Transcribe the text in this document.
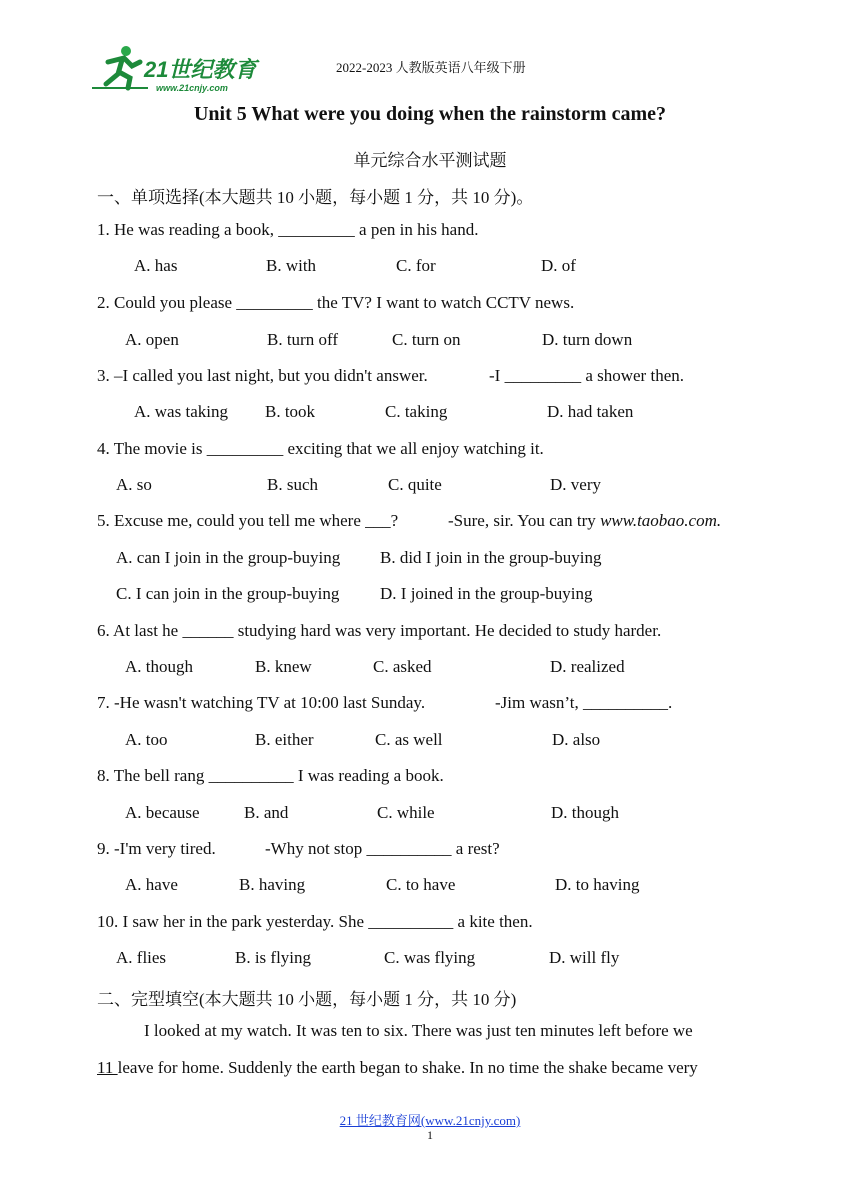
21世纪教育
www.21cnjy.com
2022-2023 人教版英语八年级下册
Unit 5 What were you doing when the rainstorm came?
单元综合水平测试题
一、单项选择(本大题共 10 小题，每小题 1 分，共 10 分)。
1. He was reading a book, _________ a pen in his hand.
A. has	B. with	C. for	D. of
2. Could you please _________ the TV? I want to watch CCTV news.
A. open	B. turn off	C. turn on	D. turn down
3. –I called you last night, but you didn't answer.	-I _________ a shower then.
A. was taking B. took	C. taking	D. had taken
4. The movie is _________ exciting that we all enjoy watching it.
A. so	B. such	C. quite	D. very
5. Excuse me, could you tell me where ___?	-Sure, sir. You can try www.taobao.com.
A. can I join in the group-buying B. did I join in the group-buying
C. I can join in the group-buying D. I joined in the group-buying
6. At last he ______ studying hard was very important. He decided to study harder.
A. though	B. knew	C. asked	D. realized
7. -He wasn't watching TV at 10:00 last Sunday.	-Jim wasn’t, __________.
A. too	B. either	C. as well	D. also
8. The bell rang __________ I was reading a book.
A. because	B. and	C. while	D. though
9. -I'm very tired.	-Why not stop __________ a rest?
A. have	B. having	C. to have	D. to having
10. I saw her in the park yesterday. She __________ a kite then.
A. flies	B. is flying	C. was flying	D. will fly
二、完型填空(本大题共 10 小题，每小题 1 分，共 10 分)
I looked at my watch. It was ten to six. There was just ten minutes left before we
11 leave for home. Suddenly the earth began to shake. In no time the shake became very
21 世纪教育网(www.21cnjy.com)
1
